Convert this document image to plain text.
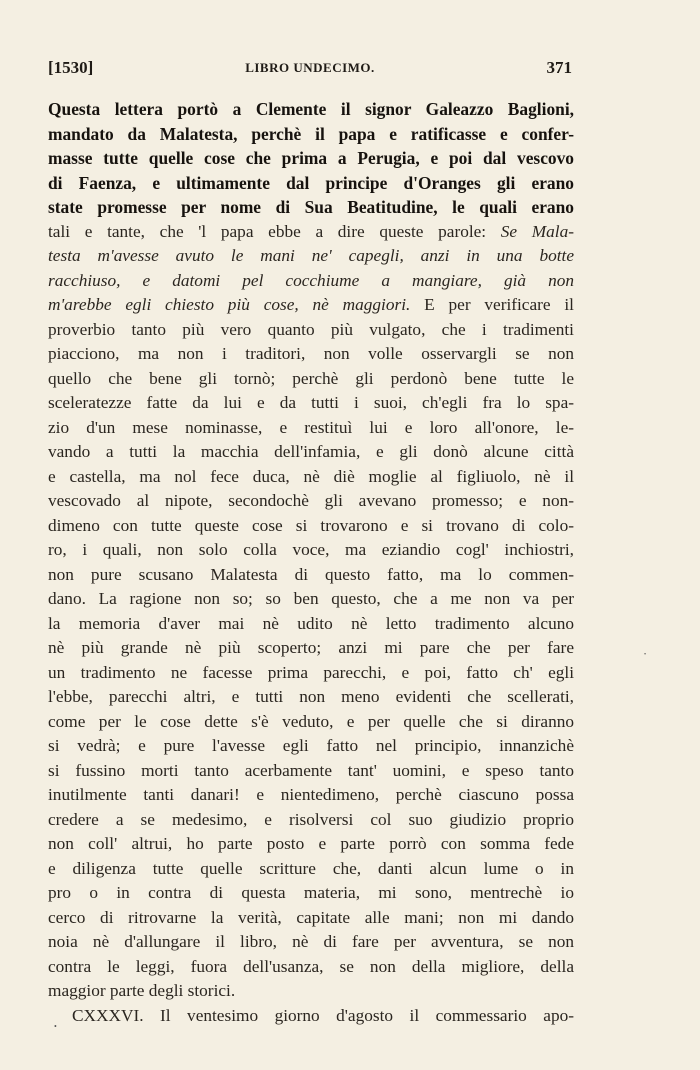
[1530]	LIBRO UNDECIMO.	371
Questa lettera portò a Clemente il signor Galeazzo Baglioni,
mandato da Malatesta, perchè il papa e ratificasse e confer-
masse tutte quelle cose che prima a Perugia, e poi dal vescovo
di Faenza, e ultimamente dal principe d'Oranges gli erano
state promesse per nome di Sua Beatitudine, le quali erano
tali e tante, che 'l papa ebbe a dire queste parole: Se Mala-
testa m'avesse avuto le mani ne' capegli, anzi in una botte
racchiuso, e datomi pel cocchiume a mangiare, già non
m'arebbe egli chiesto più cose, nè maggiori. E per verificare il
proverbio tanto più vero quanto più vulgato, che i tradimenti
piacciono, ma non i traditori, non volle osservargli se non
quello che bene gli tornò; perchè gli perdonò bene tutte le
sceleratezze fatte da lui e da tutti i suoi, ch'egli fra lo spa-
zio d'un mese nominasse, e restituì lui e loro all'onore, le-
vando a tutti la macchia dell'infamia, e gli donò alcune città
e castella, ma nol fece duca, nè diè moglie al figliuolo, nè il
vescovado al nipote, secondochè gli avevano promesso; e non-
dimeno con tutte queste cose si trovarono e si trovano di colo-
ro, i quali, non solo colla voce, ma eziandio cogl' inchiostri,
non pure scusano Malatesta di questo fatto, ma lo commen-
dano. La ragione non so; so ben questo, che a me non va per
la memoria d'aver mai nè udito nè letto tradimento alcuno
nè più grande nè più scoperto; anzi mi pare che per fare
un tradimento ne facesse prima parecchi, e poi, fatto ch' egli
l'ebbe, parecchi altri, e tutti non meno evidenti che scellerati,
come per le cose dette s'è veduto, e per quelle che si diranno
si vedrà; e pure l'avesse egli fatto nel principio, innanzichè
si fussino morti tanto acerbamente tant' uomini, e speso tanto
inutilmente tanti danari! e nientedimeno, perchè ciascuno possa
credere a se medesimo, e risolversi col suo giudizio proprio
non coll' altrui, ho parte posto e parte porrò con somma fede
e diligenza tutte quelle scritture che, danti alcun lume o in
pro o in contra di questa materia, mi sono, mentrechè io
cerco di ritrovarne la verità, capitate alle mani; non mi dando
noia nè d'allungare il libro, nè di fare per avventura, se non
contra le leggi, fuora dell'usanza, se non della migliore, della
maggior parte degli storici.
CXXXVI. Il ventesimo giorno d'agosto il commessario apo-
•
•
